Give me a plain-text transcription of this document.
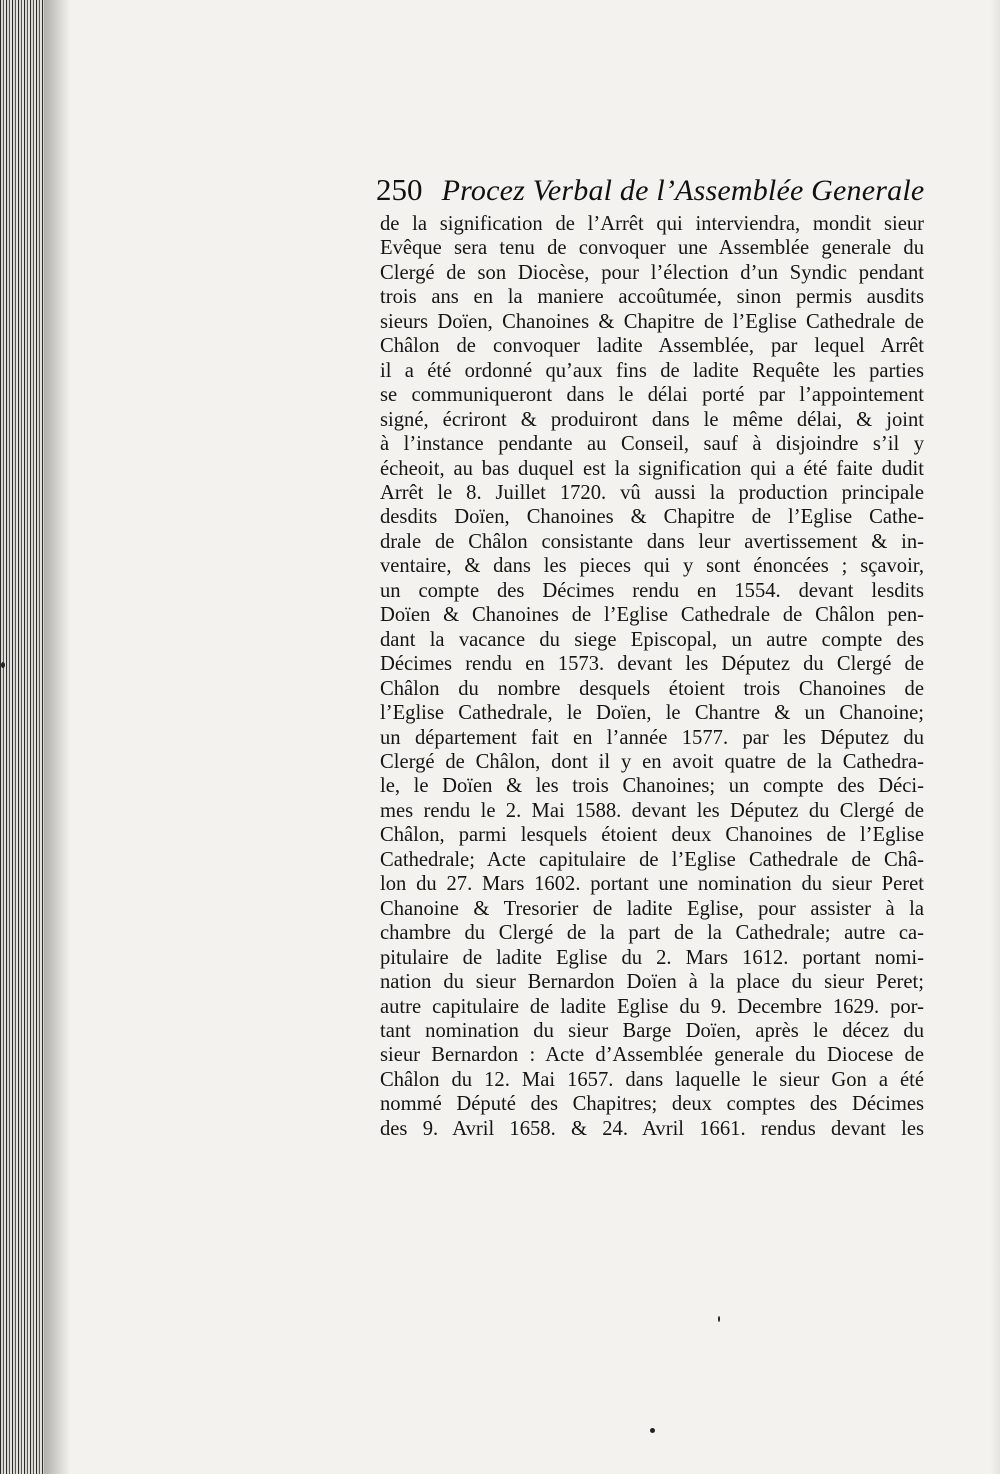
250 Procez Verbal de l’Assemblée Generale
de la signification de l’Arrêt qui interviendra, mondit sieur
Evêque sera tenu de convoquer une Assemblée generale du
Clergé de son Diocèse, pour l’élection d’un Syndic pendant
trois ans en la maniere accoûtumée, sinon permis ausdits
sieurs Doïen, Chanoines & Chapitre de l’Eglise Cathedrale de
Châlon de convoquer ladite Assemblée, par lequel Arrêt
il a été ordonné qu’aux fins de ladite Requête les parties
se communiqueront dans le délai porté par l’appointement
signé, écriront & produiront dans le même délai, & joint
à l’instance pendante au Conseil, sauf à disjoindre s’il y
écheoit, au bas duquel est la signification qui a été faite dudit
Arrêt le 8. Juillet 1720. vû aussi la production principale
desdits Doïen, Chanoines & Chapitre de l’Eglise Cathe-
drale de Châlon consistante dans leur avertissement & in-
ventaire, & dans les pieces qui y sont énoncées ; sçavoir,
un compte des Décimes rendu en 1554. devant lesdits
Doïen & Chanoines de l’Eglise Cathedrale de Châlon pen-
dant la vacance du siege Episcopal, un autre compte des
Décimes rendu en 1573. devant les Députez du Clergé de
Châlon du nombre desquels étoient trois Chanoines de
l’Eglise Cathedrale, le Doïen, le Chantre & un Chanoine;
un département fait en l’année 1577. par les Députez du
Clergé de Châlon, dont il y en avoit quatre de la Cathedra-
le, le Doïen & les trois Chanoines; un compte des Déci-
mes rendu le 2. Mai 1588. devant les Députez du Clergé de
Châlon, parmi lesquels étoient deux Chanoines de l’Eglise
Cathedrale; Acte capitulaire de l’Eglise Cathedrale de Châ-
lon du 27. Mars 1602. portant une nomination du sieur Peret
Chanoine & Tresorier de ladite Eglise, pour assister à la
chambre du Clergé de la part de la Cathedrale; autre ca-
pitulaire de ladite Eglise du 2. Mars 1612. portant nomi-
nation du sieur Bernardon Doïen à la place du sieur Peret;
autre capitulaire de ladite Eglise du 9. Decembre 1629. por-
tant nomination du sieur Barge Doïen, après le décez du
sieur Bernardon : Acte d’Assemblée generale du Diocese de
Châlon du 12. Mai 1657. dans laquelle le sieur Gon a été
nommé Député des Chapitres; deux comptes des Décimes
des 9. Avril 1658. & 24. Avril 1661. rendus devant les
